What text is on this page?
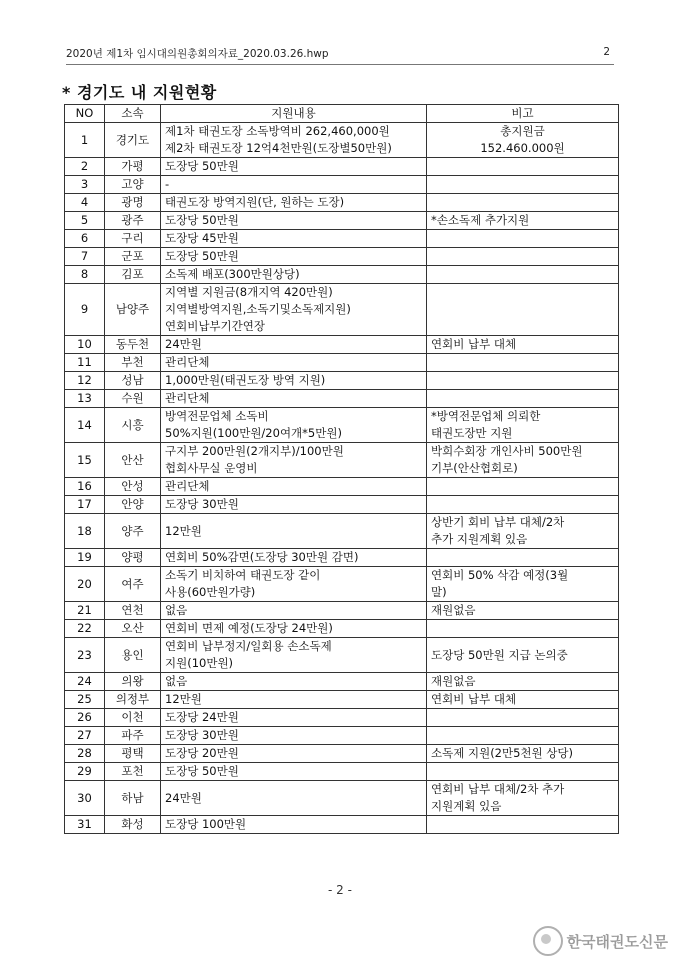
2020년 제1차 임시대의원총회의자료_2020.03.26.hwp	2
* 경기도 내 지원현황
NO	소속	지원내용	비고
1	경기도	제1차 태권도장 소독방역비 262,460,000원
제2차 태권도장 12억4천만원(도장별50만원)	총지원금
152.460.000원

2	가평	도장당 50만원	

3	고양	-	

4	광명	태권도장 방역지원(단, 원하는 도장)	

5	광주	도장당 50만원	*손소독제 추가지원

6	구리	도장당 45만원	

7	군포	도장당 50만원	

8	김포	소독제 배포(300만원상당)	

9	남양주	지역별 지원금(8개지역 420만원)
지역별방역지원,소독기및소독제지원)
연회비납부기간연장	

10	동두천	24만원	연회비 납부 대체

11	부천	관리단체	

12	성남	1,000만원(태권도장 방역 지원)	

13	수원	관리단체	

14	시흥	방역전문업체 소독비
50%지원(100만원/20여개*5만원)	*방역전문업체 의뢰한
태권도장만 지원

15	안산	구지부 200만원(2개지부)/100만원
협회사무실 운영비	박희수회장 개인사비 500만원
기부(안산협회로)

16	안성	관리단체	

17	안양	도장당 30만원	

18	양주	12만원	상반기 회비 납부 대체/2차
추가 지원계획 있음

19	양평	연회비 50%감면(도장당 30만원 감면)	

20	여주	소독기 비치하여 태권도장 같이
사용(60만원가량)	연회비 50% 삭감 예정(3월
말)

21	연천	없음	재원없음

22	오산	연회비 면제 예정(도장당 24만원)	

23	용인	연회비 납부정지/일회용 손소독제
지원(10만원)	도장당 50만원 지급 논의중

24	의왕	없음	재원없음

25	의정부	12만원	연회비 납부 대체

26	이천	도장당 24만원	

27	파주	도장당 30만원	

28	평택	도장당 20만원	소독제 지원(2만5천원 상당)

29	포천	도장당 50만원	

30	하남	24만원	연회비 납부 대체/2차 추가
지원계획 있음

31	화성	도장당 100만원	

- 2 -
한국태권도신문
